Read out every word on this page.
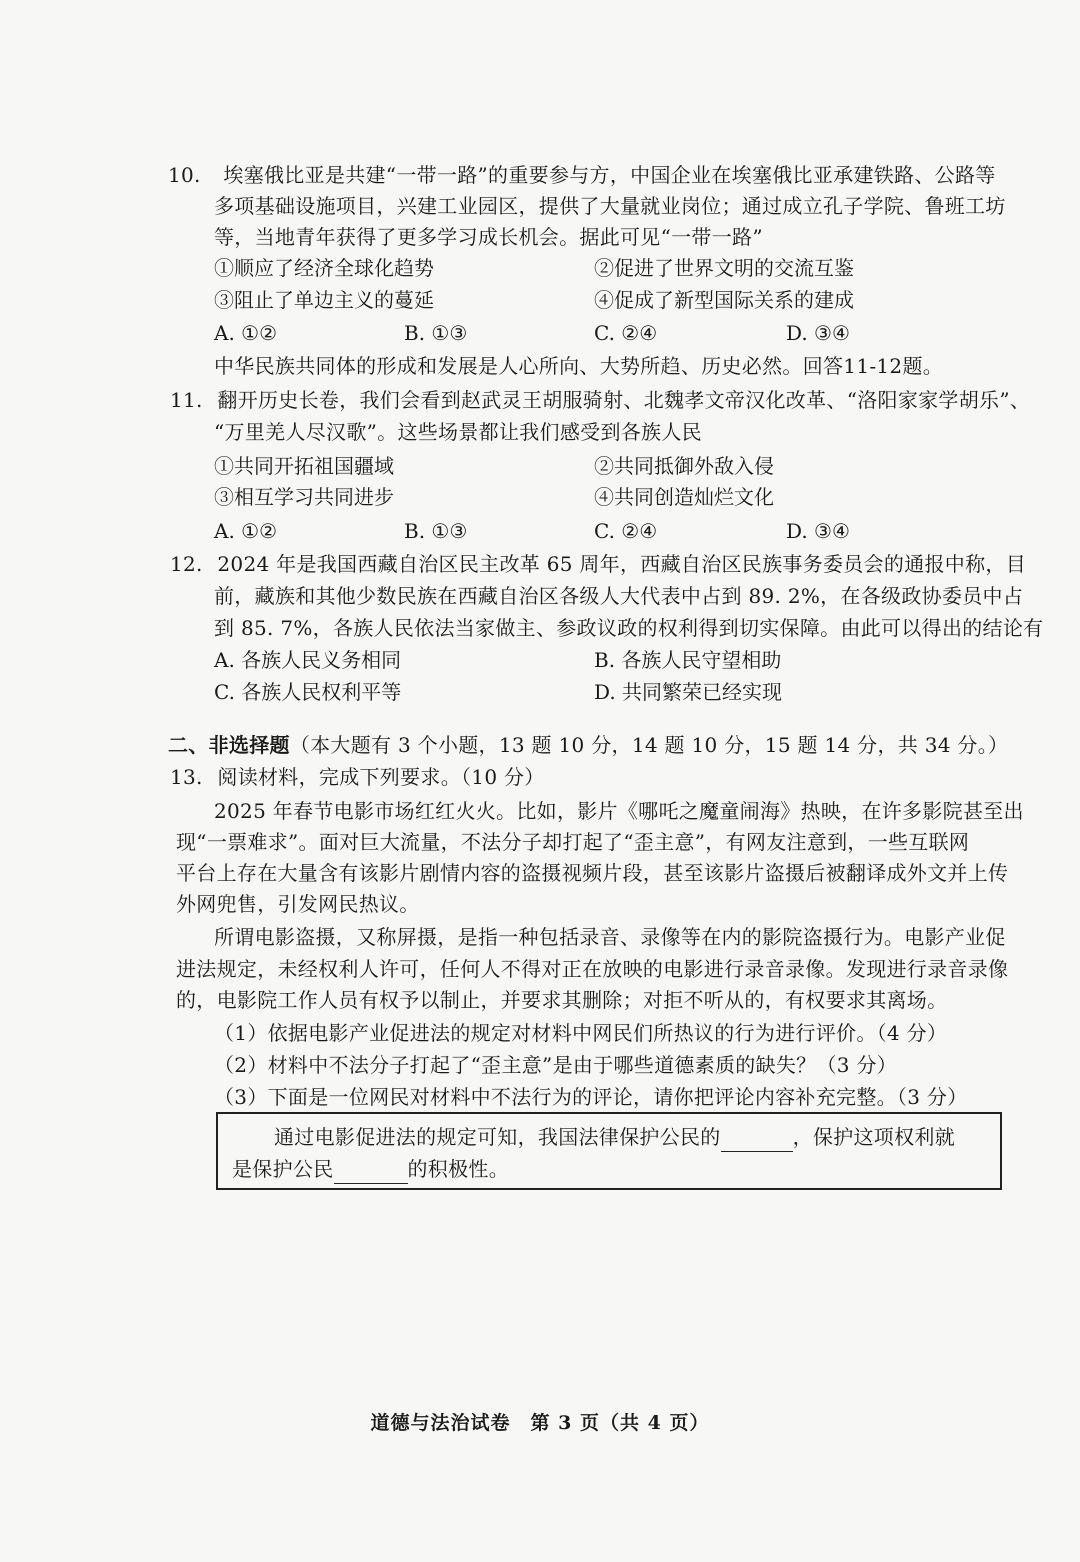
10. 埃塞俄比亚是共建“一带一路”的重要参与方，中国企业在埃塞俄比亚承建铁路、公路等
多项基础设施项目，兴建工业园区，提供了大量就业岗位；通过成立孔子学院、鲁班工坊
等，当地青年获得了更多学习成长机会。据此可见“一带一路”
①顺应了经济全球化趋势	②促进了世界文明的交流互鉴
③阻止了单边主义的蔓延	④促成了新型国际关系的建成
A. ①②	B. ①③	C. ②④	D. ③④
中华民族共同体的形成和发展是人心所向、大势所趋、历史必然。回答11-12题。
11. 翻开历史长卷，我们会看到赵武灵王胡服骑射、北魏孝文帝汉化改革、“洛阳家家学胡乐”、
“万里羌人尽汉歌”。这些场景都让我们感受到各族人民
①共同开拓祖国疆域	②共同抵御外敌入侵
③相互学习共同进步	④共同创造灿烂文化
A. ①②	B. ①③	C. ②④	D. ③④
12. 2024 年是我国西藏自治区民主改革 65 周年，西藏自治区民族事务委员会的通报中称，目
前，藏族和其他少数民族在西藏自治区各级人大代表中占到 89. 2%，在各级政协委员中占
到 85. 7%，各族人民依法当家做主、参政议政的权利得到切实保障。由此可以得出的结论有
A. 各族人民义务相同	B. 各族人民守望相助
C. 各族人民权利平等	D. 共同繁荣已经实现
二、非选择题（本大题有 3 个小题，13 题 10 分，14 题 10 分，15 题 14 分，共 34 分。）
13. 阅读材料，完成下列要求。（10 分）
2025 年春节电影市场红红火火。比如，影片《哪吒之魔童闹海》热映，在许多影院甚至出
现“一票难求”。面对巨大流量，不法分子却打起了“歪主意”，有网友注意到，一些互联网
平台上存在大量含有该影片剧情内容的盗摄视频片段，甚至该影片盗摄后被翻译成外文并上传
外网兜售，引发网民热议。
所谓电影盗摄，又称屏摄，是指一种包括录音、录像等在内的影院盗摄行为。电影产业促
进法规定，未经权利人许可，任何人不得对正在放映的电影进行录音录像。发现进行录音录像
的，电影院工作人员有权予以制止，并要求其删除；对拒不听从的，有权要求其离场。
（1）依据电影产业促进法的规定对材料中网民们所热议的行为进行评价。（4 分）
（2）材料中不法分子打起了“歪主意”是由于哪些道德素质的缺失？（3 分）
（3）下面是一位网民对材料中不法行为的评论，请你把评论内容补充完整。（3 分）
通过电影促进法的规定可知，我国法律保护公民的	，保护这项权利就
是保护公民	的积极性。
道德与法治试卷　第 3 页（共 4 页）
